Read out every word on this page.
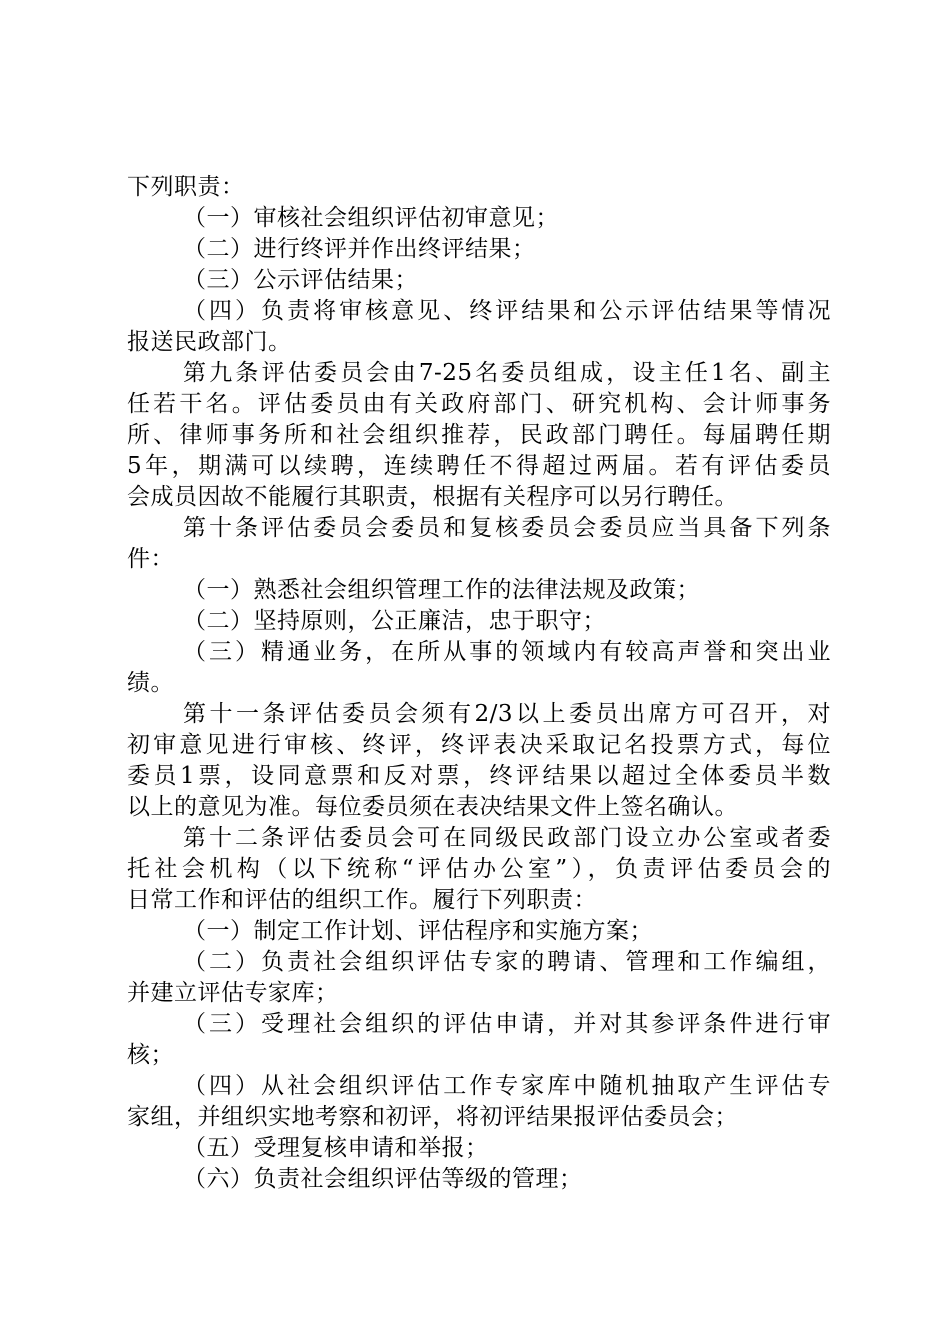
下列职责：
（一）审核社会组织评估初审意见；
（二）进行终评并作出终评结果；
（三）公示评估结果；
（四）负责将审核意见、终评结果和公示评估结果等情况
报送民政部门。
第九条评估委员会由7-25名委员组成，设主任1名、副主
任若干名。评估委员由有关政府部门、研究机构、会计师事务
所、律师事务所和社会组织推荐，民政部门聘任。每届聘任期
5年，期满可以续聘，连续聘任不得超过两届。若有评估委员
会成员因故不能履行其职责，根据有关程序可以另行聘任。
第十条评估委员会委员和复核委员会委员应当具备下列条
件：
（一）熟悉社会组织管理工作的法律法规及政策；
（二）坚持原则，公正廉洁，忠于职守；
（三）精通业务，在所从事的领域内有较高声誉和突出业
绩。
第十一条评估委员会须有2/3以上委员出席方可召开，对
初审意见进行审核、终评，终评表决采取记名投票方式，每位
委员1票，设同意票和反对票，终评结果以超过全体委员半数
以上的意见为准。每位委员须在表决结果文件上签名确认。
第十二条评估委员会可在同级民政部门设立办公室或者委
托社会机构（以下统称“评估办公室”），负责评估委员会的
日常工作和评估的组织工作。履行下列职责：
（一）制定工作计划、评估程序和实施方案；
（二）负责社会组织评估专家的聘请、管理和工作编组，
并建立评估专家库；
（三）受理社会组织的评估申请，并对其参评条件进行审
核；
（四）从社会组织评估工作专家库中随机抽取产生评估专
家组，并组织实地考察和初评，将初评结果报评估委员会；
（五）受理复核申请和举报；
（六）负责社会组织评估等级的管理；
